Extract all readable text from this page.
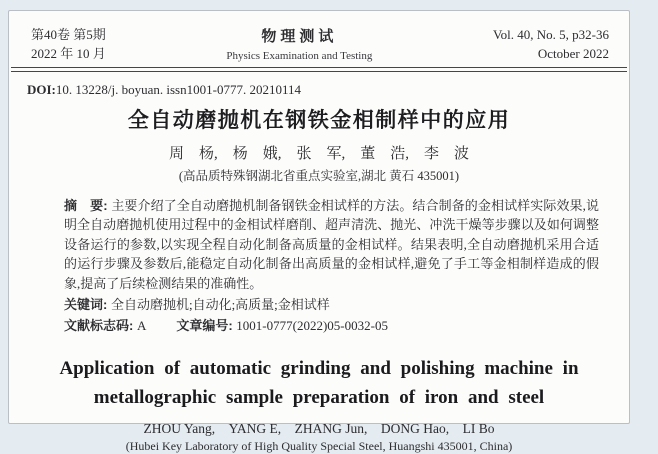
第40卷 第5期
2022 年 10 月
物理测试
Physics Examination and Testing
Vol. 40, No. 5, p32-36
October 2022
DOI:10. 13228/j. boyuan. issn1001-0777. 20210114
全自动磨抛机在钢铁金相制样中的应用
周　杨,　杨　娥,　张　军,　董　浩,　李　波
(高品质特殊钢湖北省重点实验室,湖北 黄石 435001)

摘　要: 主要介绍了全自动磨抛机制备钢铁金相试样的方法。结合制备的金相试样实际效果,说明全自动磨抛机使用过程中的金相试样磨削、超声清洗、抛光、冲洗干燥等步骤以及如何调整设备运行的参数,以实现全程自动化制备高质量的金相试样。结果表明,全自动磨抛机采用合适的运行步骤及参数后,能稳定自动化制备出高质量的金相试样,避免了手工等金相制样造成的假象,提高了后续检测结果的准确性。

关键词: 全自动磨抛机;自动化;高质量;金相试样
文献标志码: A 文章编号: 1001-0777(2022)05-0032-05
Application of automatic grinding and polishing machine in
metallographic sample preparation of iron and steel
ZHOU Yang,　YANG E,　ZHANG Jun,　DONG Hao,　LI Bo
(Hubei Key Laboratory of High Quality Special Steel, Huangshi 435001, China)
